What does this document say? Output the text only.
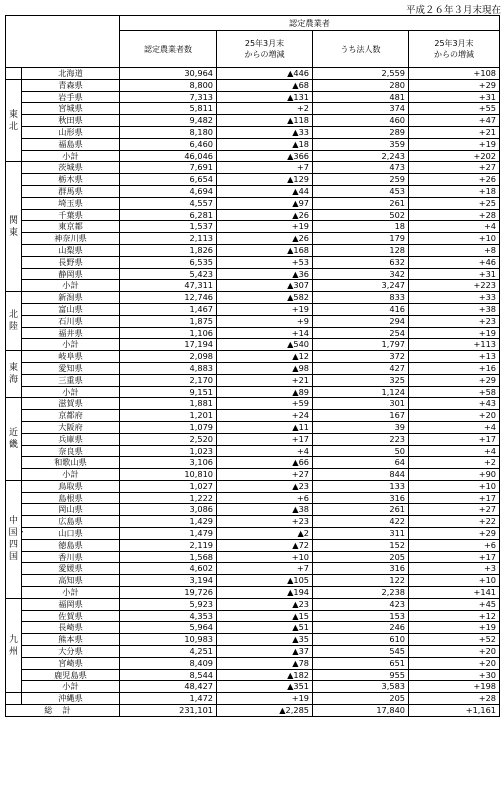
平成２６年３月末現在
		認定農業者			
		認定農業者数	25年3月末
からの増減	うち法人数	25年3月末
からの増減
	北海道	30,964	▲446	2,559	+108

東北	青森県	8,800	▲68	280	+29
	岩手県	7,313	▲131	481	+31
	宮城県	5,811	+2	374	+55
	秋田県	9,482	▲118	460	+47
	山形県	8,180	▲33	289	+21
	福島県	6,460	▲18	359	+19
	小計	46,046	▲366	2,243	+202

関東	茨城県	7,691	+7	473	+27
	栃木県	6,654	▲129	259	+26
	群馬県	4,694	▲44	453	+18
	埼玉県	4,557	▲97	261	+25
	千葉県	6,281	▲26	502	+28
	東京都	1,537	+19	18	+4
	神奈川県	2,113	▲26	179	+10
	山梨県	1,826	▲168	128	+8
	長野県	6,535	+53	632	+46
	静岡県	5,423	▲36	342	+31
	小計	47,311	▲307	3,247	+223

北陸	新潟県	12,746	▲582	833	+33
	富山県	1,467	+19	416	+38
	石川県	1,875	+9	294	+23
	福井県	1,106	+14	254	+19
	小計	17,194	▲540	1,797	+113

東海	岐阜県	2,098	▲12	372	+13
	愛知県	4,883	▲98	427	+16
	三重県	2,170	+21	325	+29
	小計	9,151	▲89	1,124	+58

近畿	滋賀県	1,881	+59	301	+43
	京都府	1,201	+24	167	+20
	大阪府	1,079	▲11	39	+4
	兵庫県	2,520	+17	223	+17
	奈良県	1,023	+4	50	+4
	和歌山県	3,106	▲66	64	+2
	小計	10,810	+27	844	+90

中国・四国	鳥取県	1,027	▲23	133	+10
	島根県	1,222	+6	316	+17
	岡山県	3,086	▲38	261	+27
	広島県	1,429	+23	422	+22
	山口県	1,479	▲2	311	+29
	徳島県	2,119	▲72	152	+6
	香川県	1,568	+10	205	+17
	愛媛県	4,602	+7	316	+3
	高知県	3,194	▲105	122	+10
	小計	19,726	▲194	2,238	+141

九州	福岡県	5,923	▲23	423	+45
	佐賀県	4,353	▲15	153	+12
	長崎県	5,964	▲51	246	+19
	熊本県	10,983	▲35	610	+52
	大分県	4,251	▲37	545	+20
	宮崎県	8,409	▲78	651	+20
	鹿児島県	8,544	▲182	955	+30
	小計	48,427	▲351	3,583	+198
	沖縄県	1,472	+19	205	+28
総計		231,101	▲2,285	17,840	+1,161
